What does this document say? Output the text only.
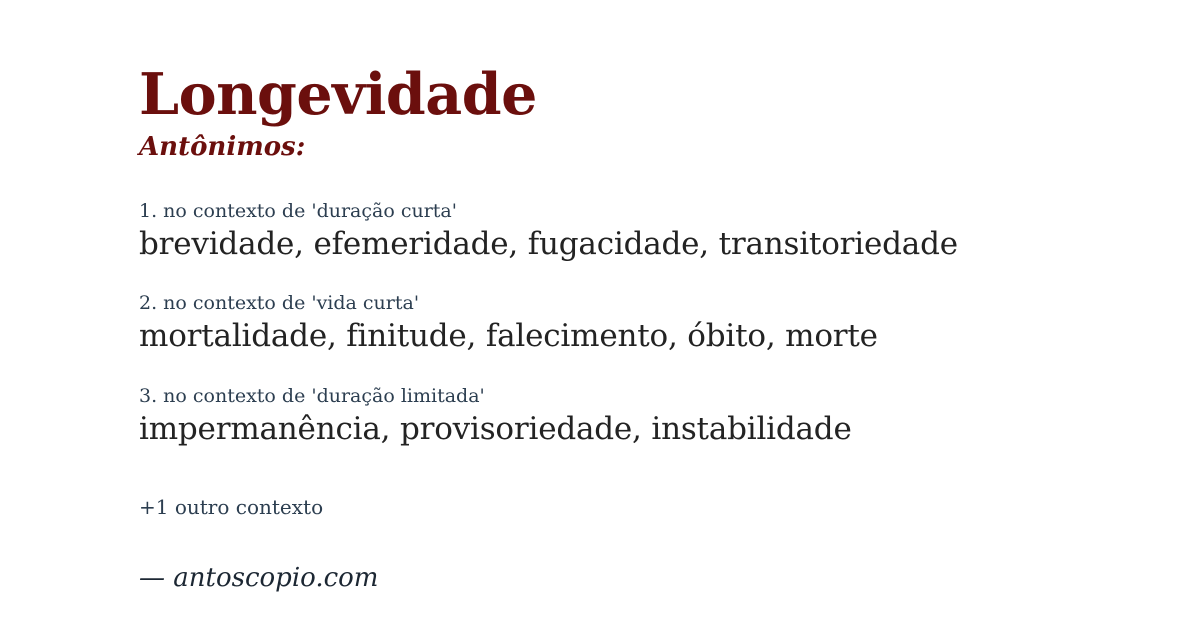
Longevidade
Antônimos:
1. no contexto de 'duração curta'
brevidade, efemeridade, fugacidade, transitoriedade
2. no contexto de 'vida curta'
mortalidade, finitude, falecimento, óbito, morte
3. no contexto de 'duração limitada'
impermanência, provisoriedade, instabilidade
+1 outro contexto
— antoscopio.com
